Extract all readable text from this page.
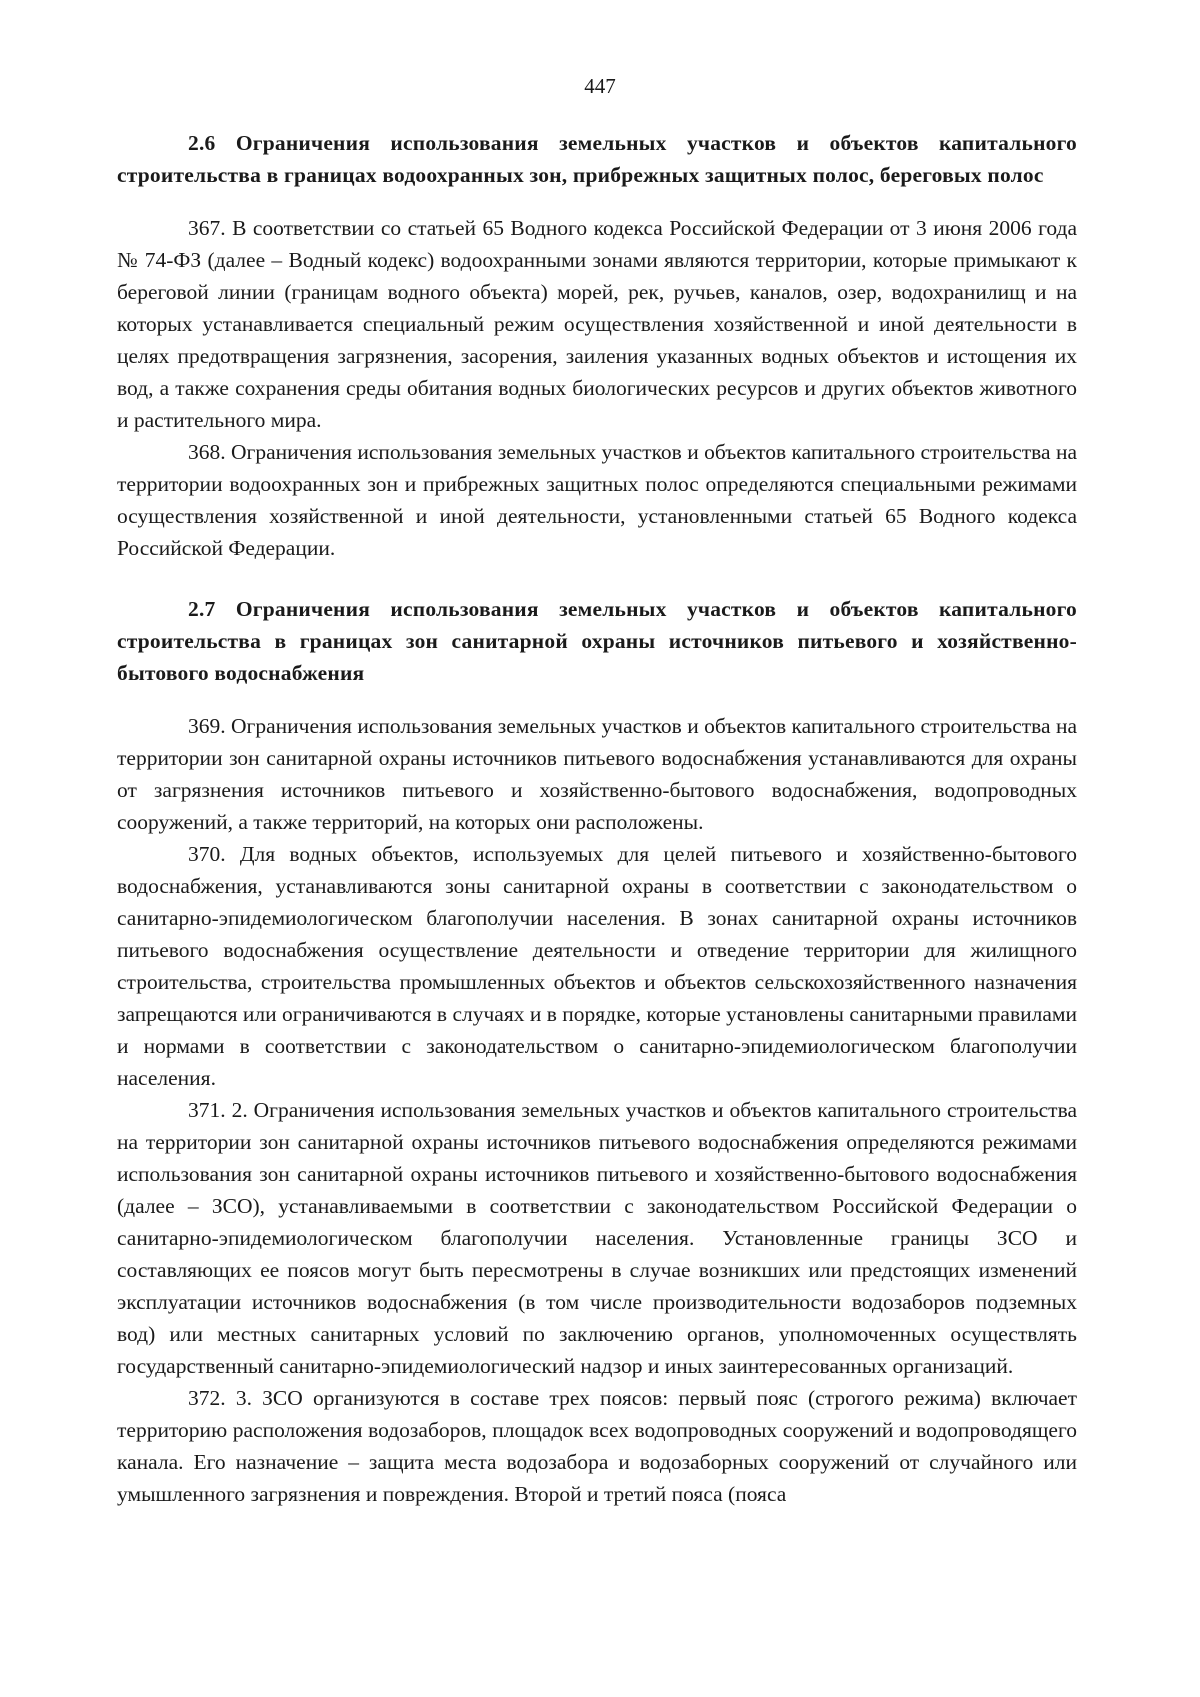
447

2.6 Ограничения использования земельных участков и объектов капитального строительства в границах водоохранных зон, прибрежных защитных полос, береговых полос

367. В соответствии со статьей 65 Водного кодекса Российской Федерации от 3 июня 2006 года № 74-ФЗ (далее – Водный кодекс) водоохранными зонами являются территории, которые примыкают к береговой линии (границам водного объекта) морей, рек, ручьев, каналов, озер, водохранилищ и на которых устанавливается специальный режим осуществления хозяйственной и иной деятельности в целях предотвращения загрязнения, засорения, заиления указанных водных объектов и истощения их вод, а также сохранения среды обитания водных биологических ресурсов и других объектов животного и растительного мира.

368. Ограничения использования земельных участков и объектов капитального строительства на территории водоохранных зон и прибрежных защитных полос определяются специальными режимами осуществления хозяйственной и иной деятельности, установленными статьей 65 Водного кодекса Российской Федерации.

2.7 Ограничения использования земельных участков и объектов капитального строительства в границах зон санитарной охраны источников питьевого и хозяйственно-бытового водоснабжения

369. Ограничения использования земельных участков и объектов капитального строительства на территории зон санитарной охраны источников питьевого водоснабжения устанавливаются для охраны от загрязнения источников питьевого и хозяйственно-бытового водоснабжения, водопроводных сооружений, а также территорий, на которых они расположены.

370. Для водных объектов, используемых для целей питьевого и хозяйственно-бытового водоснабжения, устанавливаются зоны санитарной охраны в соответствии с законодательством о санитарно-эпидемиологическом благополучии населения. В зонах санитарной охраны источников питьевого водоснабжения осуществление деятельности и отведение территории для жилищного строительства, строительства промышленных объектов и объектов сельскохозяйственного назначения запрещаются или ограничиваются в случаях и в порядке, которые установлены санитарными правилами и нормами в соответствии с законодательством о санитарно-эпидемиологическом благополучии населения.

371. 2. Ограничения использования земельных участков и объектов капитального строительства на территории зон санитарной охраны источников питьевого водоснабжения определяются режимами использования зон санитарной охраны источников питьевого и хозяйственно-бытового водоснабжения (далее – ЗСО), устанавливаемыми в соответствии с законодательством Российской Федерации о санитарно-эпидемиологическом благополучии населения. Установленные границы ЗСО и составляющих ее поясов могут быть пересмотрены в случае возникших или предстоящих изменений эксплуатации источников водоснабжения (в том числе производительности водозаборов подземных вод) или местных санитарных условий по заключению органов, уполномоченных осуществлять государственный санитарно-эпидемиологический надзор и иных заинтересованных организаций.

372. 3. ЗСО организуются в составе трех поясов: первый пояс (строгого режима) включает территорию расположения водозаборов, площадок всех водопроводных сооружений и водопроводящего канала. Его назначение – защита места водозабора и водозаборных сооружений от случайного или умышленного загрязнения и повреждения. Второй и третий пояса (пояса
